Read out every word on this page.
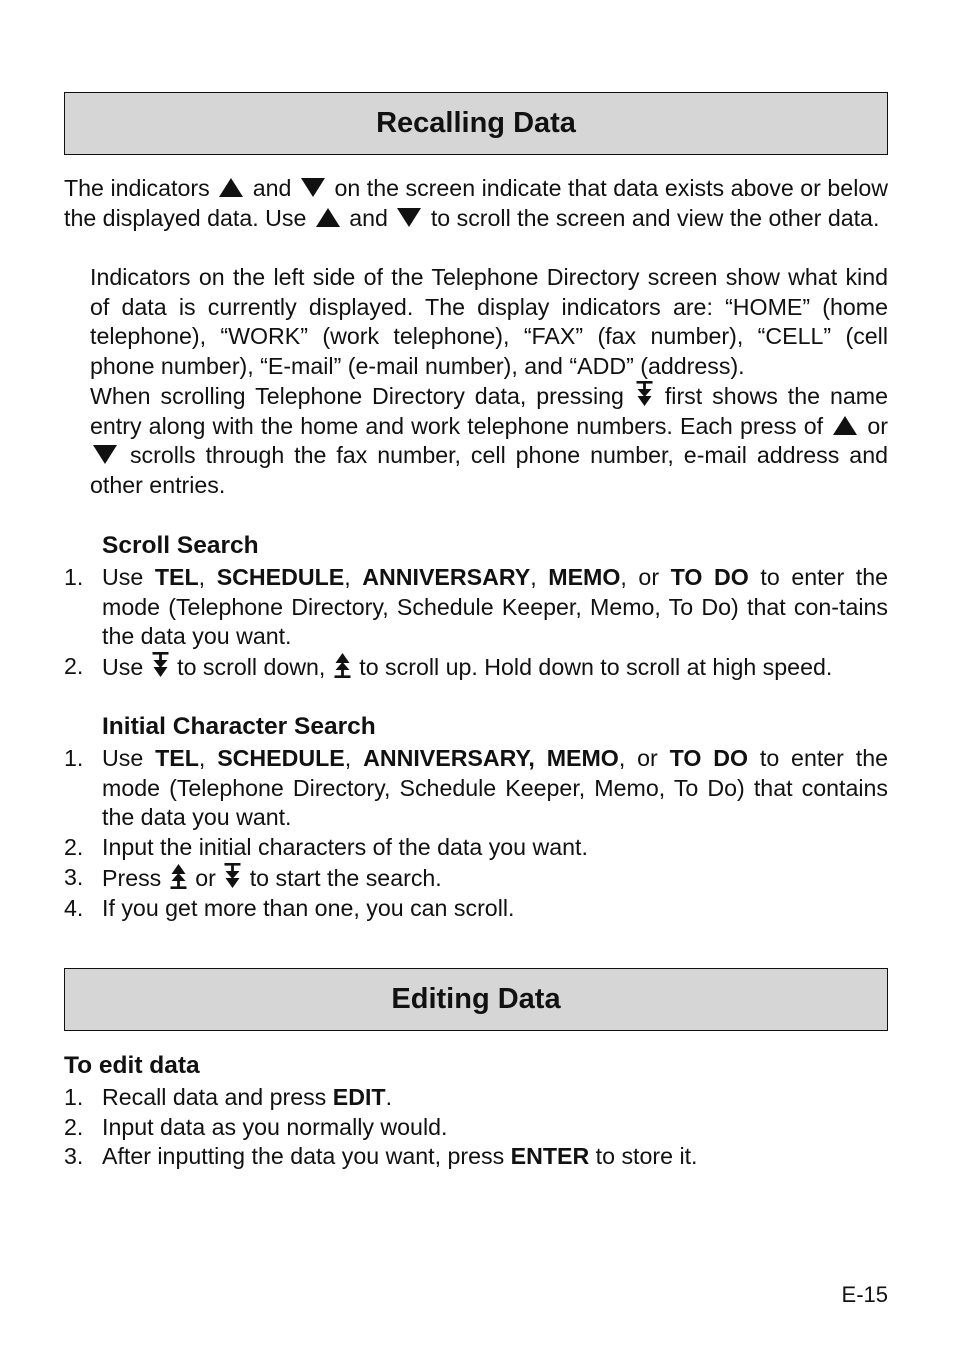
Recalling Data
The indicators and on the screen indicate that data exists above or below the displayed data. Use and to scroll the screen and view the other data.
Indicators on the left side of the Telephone Directory screen show what kind of data is currently displayed. The display indicators are: “HOME” (home telephone), “WORK” (work telephone), “FAX” (fax number), “CELL” (cell phone number), “E-mail” (e-mail number), and “ADD” (address).
When scrolling Telephone Directory data, pressing first shows the name entry along with the home and work telephone numbers. Each press of or  scrolls through the fax number, cell phone number, e-mail address and other entries.
Scroll Search
1. Use TEL, SCHEDULE, ANNIVERSARY, MEMO, or TO DO to enter the mode (Telephone Directory, Schedule Keeper, Memo, To Do) that con-tains the data you want.
2. Use to scroll down, to scroll up. Hold down to scroll at high speed.
Initial Character Search
1. Use TEL, SCHEDULE, ANNIVERSARY, MEMO, or TO DO to enter the mode (Telephone Directory, Schedule Keeper, Memo, To Do) that contains the data you want.
2. Input the initial characters of the data you want.
3. Press or to start the search.
4. If you get more than one, you can scroll.
Editing Data
To edit data
1. Recall data and press EDIT.
2. Input data as you normally would.
3. After inputting the data you want, press ENTER to store it.
E-15
